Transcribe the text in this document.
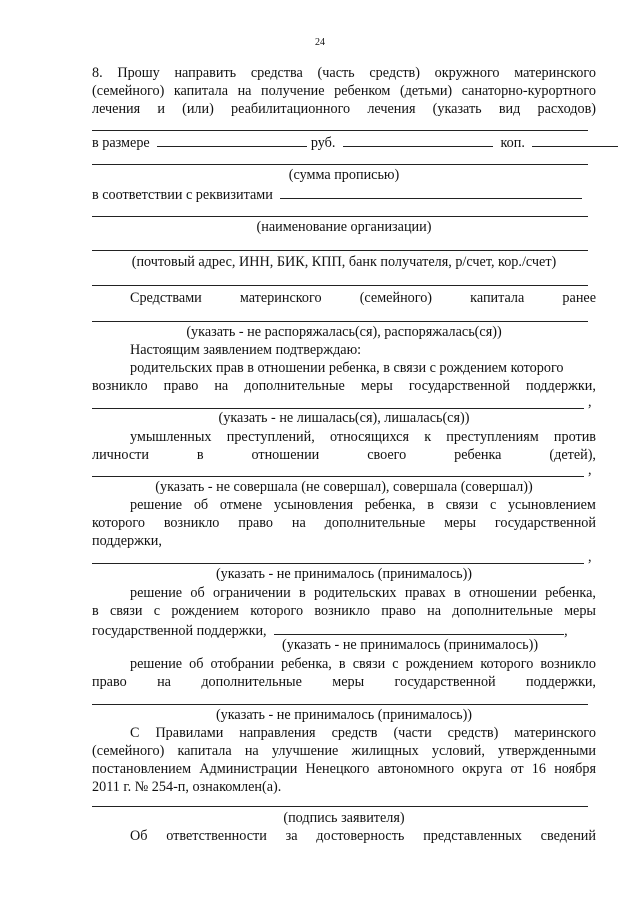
24
8. Прошу направить средства (часть средств) окружного материнского
(семейного) капитала на получение ребенком (детьми) санаторно-курортного
лечения и (или) реабилитационного лечения (указать вид расходов)
в размере	руб.	коп.
(сумма прописью)
в соответствии с реквизитами
(наименование организации)
(почтовый адрес, ИНН, БИК, КПП, банк получателя, р/счет, кор./счет)
Средствами	материнского	(семейного)	капитала	ранее
(указать - не распоряжалась(ся), распоряжалась(ся))
Настоящим заявлением подтверждаю:
родительских прав в отношении ребенка, в связи с рождением которого
возникло право на дополнительные меры государственной поддержки,
,
(указать - не лишалась(ся), лишалась(ся))
умышленных преступлений, относящихся к преступлениям против
личности	в	отношении	своего	ребенка	(детей),
,
(указать - не совершала (не совершал), совершала (совершал))
решение об отмене усыновления ребенка, в связи с усыновлением
которого возникло право на дополнительные меры государственной
поддержки,
,
(указать - не принималось (принималось))
решение об ограничении в родительских правах в отношении ребенка,
в связи с рождением которого возникло право на дополнительные меры
государственной поддержки,	,
(указать - не принималось (принималось))
решение об отобрании ребенка, в связи с рождением которого возникло
право на дополнительные меры государственной поддержки,
(указать - не принималось (принималось))
С Правилами направления средств (части средств) материнского
(семейного) капитала на улучшение жилищных условий, утвержденными
постановлением Администрации Ненецкого автономного округа от 16 ноября
2011 г. № 254-п, ознакомлен(а).
(подпись заявителя)
Об ответственности за достоверность представленных сведений
